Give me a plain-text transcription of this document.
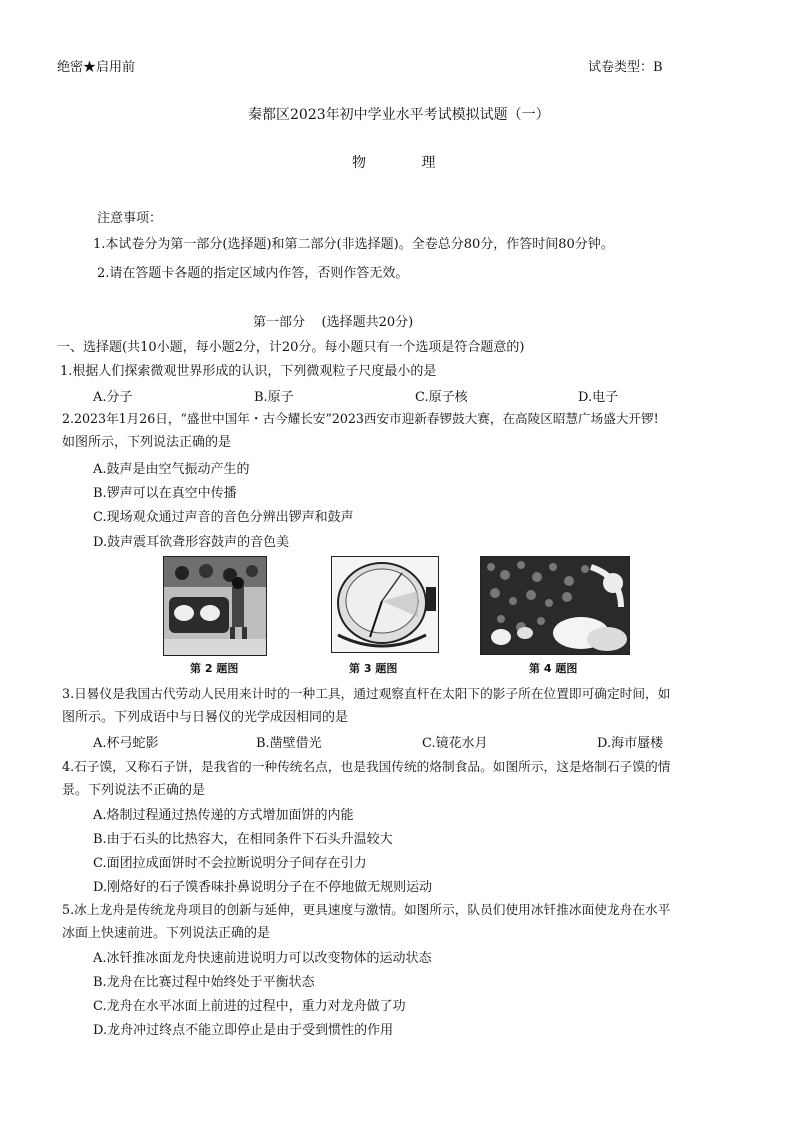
绝密★启用前	试卷类型：B
秦都区2023年初中学业水平考试模拟试题（一）
物          理
注意事项：
1.本试卷分为第一部分(选择题)和第二部分(非选择题)。全卷总分80分，作答时间80分钟。
2.请在答题卡各题的指定区域内作答，否则作答无效。
第一部分    (选择题共20分)
一、选择题(共10小题，每小题2分，计20分。每小题只有一个选项是符合题意的)
1.根据人们探索微观世界形成的认识，下列微观粒子尺度最小的是
A.分子	B.原子	C.原子核	D.电子
2.2023年1月26日，“盛世中国年・古今耀长安”2023西安市迎新春锣鼓大赛，在高陵区昭慧广场盛大开锣!
如图所示，下列说法正确的是
A.鼓声是由空气振动产生的
B.锣声可以在真空中传播
C.现场观众通过声音的音色分辨出锣声和鼓声
D.鼓声震耳欲聋形容鼓声的音色美
第 2 题图	第 3 题图	第 4 题图
3.日晷仪是我国古代劳动人民用来计时的一种工具，通过观察直杆在太阳下的影子所在位置即可确定时间，如
图所示。下列成语中与日晷仪的光学成因相同的是
A.杯弓蛇影	B.凿壁借光	C.镜花水月	D.海市蜃楼
4.石子馍，又称石子饼，是我省的一种传统名点，也是我国传统的烙制食品。如图所示，这是烙制石子馍的情
景。下列说法不正确的是
A.烙制过程通过热传递的方式增加面饼的内能
B.由于石头的比热容大，在相同条件下石头升温较大
C.面团拉成面饼时不会拉断说明分子间存在引力
D.刚烙好的石子馍香味扑鼻说明分子在不停地做无规则运动
5.冰上龙舟是传统龙舟项目的创新与延伸，更具速度与激情。如图所示，队员们使用冰钎推冰面使龙舟在水平
冰面上快速前进。下列说法正确的是
A.冰钎推冰面龙舟快速前进说明力可以改变物体的运动状态
B.龙舟在比赛过程中始终处于平衡状态
C.龙舟在水平冰面上前进的过程中，重力对龙舟做了功
D.龙舟冲过终点不能立即停止是由于受到惯性的作用
